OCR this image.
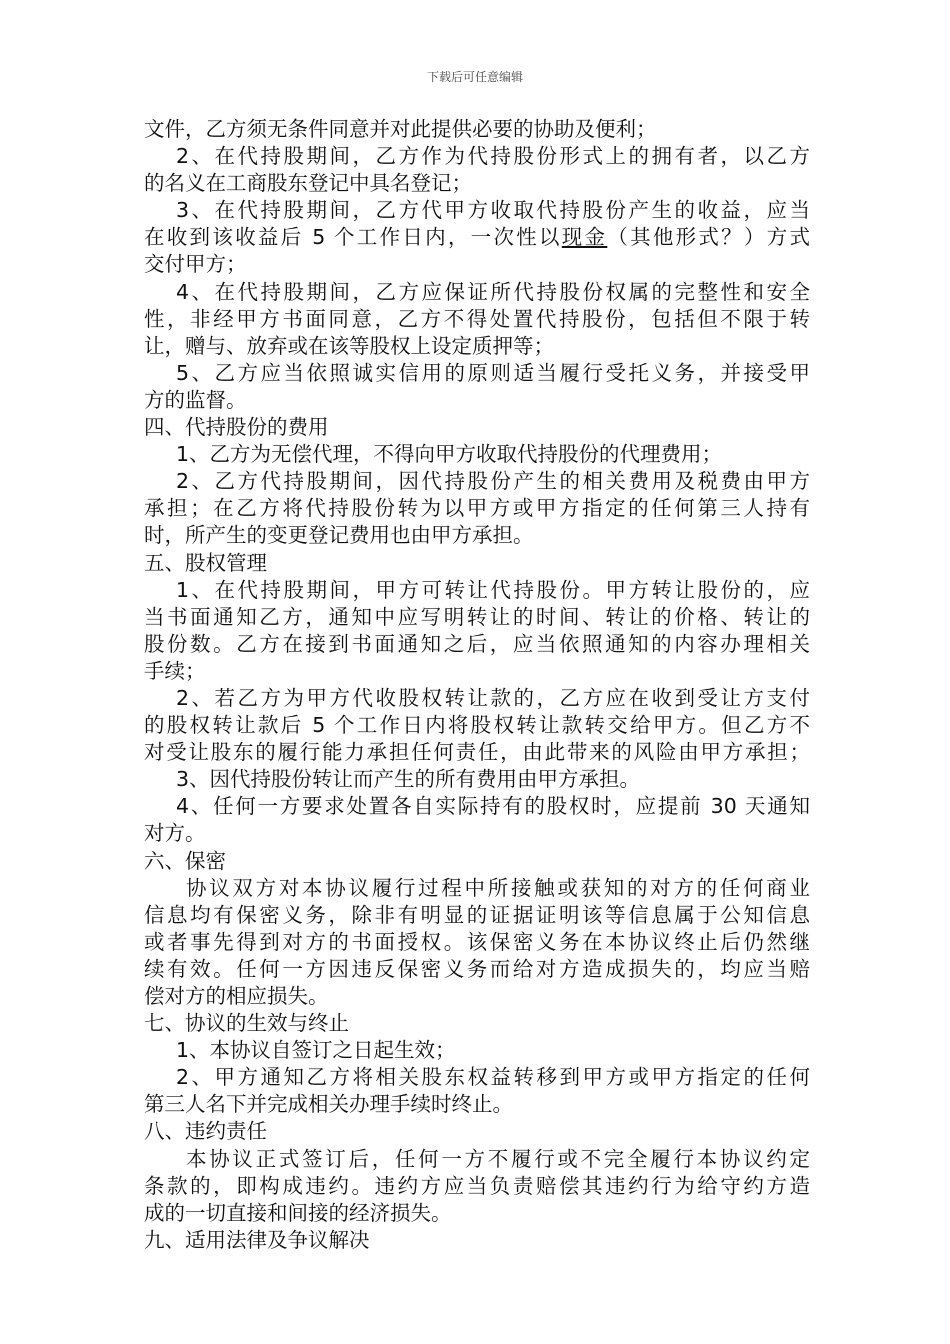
下载后可任意编辑
文件，乙方须无条件同意并对此提供必要的协助及便利；
2、在代持股期间，乙方作为代持股份形式上的拥有者，以乙方
的名义在工商股东登记中具名登记；
3、在代持股期间，乙方代甲方收取代持股份产生的收益，应当
在收到该收益后 5 个工作日内，一次性以现金（其他形式？）方式
交付甲方；
4、在代持股期间，乙方应保证所代持股份权属的完整性和安全
性，非经甲方书面同意，乙方不得处置代持股份，包括但不限于转
让，赠与、放弃或在该等股权上设定质押等；
5、乙方应当依照诚实信用的原则适当履行受托义务，并接受甲
方的监督。
四、代持股份的费用
1、乙方为无偿代理，不得向甲方收取代持股份的代理费用；
2、乙方代持股期间，因代持股份产生的相关费用及税费由甲方
承担；在乙方将代持股份转为以甲方或甲方指定的任何第三人持有
时，所产生的变更登记费用也由甲方承担。
五、股权管理
1、在代持股期间，甲方可转让代持股份。甲方转让股份的，应
当书面通知乙方，通知中应写明转让的时间、转让的价格、转让的
股份数。乙方在接到书面通知之后，应当依照通知的内容办理相关
手续；
2、若乙方为甲方代收股权转让款的，乙方应在收到受让方支付
的股权转让款后 5 个工作日内将股权转让款转交给甲方。但乙方不
对受让股东的履行能力承担任何责任，由此带来的风险由甲方承担；
3、因代持股份转让而产生的所有费用由甲方承担。
4、任何一方要求处置各自实际持有的股权时，应提前 30 天通知
对方。
六、保密
协议双方对本协议履行过程中所接触或获知的对方的任何商业
信息均有保密义务，除非有明显的证据证明该等信息属于公知信息
或者事先得到对方的书面授权。该保密义务在本协议终止后仍然继
续有效。任何一方因违反保密义务而给对方造成损失的，均应当赔
偿对方的相应损失。
七、协议的生效与终止
1、本协议自签订之日起生效；
2、甲方通知乙方将相关股东权益转移到甲方或甲方指定的任何
第三人名下并完成相关办理手续时终止。
八、违约责任
本协议正式签订后，任何一方不履行或不完全履行本协议约定
条款的，即构成违约。违约方应当负责赔偿其违约行为给守约方造
成的一切直接和间接的经济损失。
九、适用法律及争议解决
